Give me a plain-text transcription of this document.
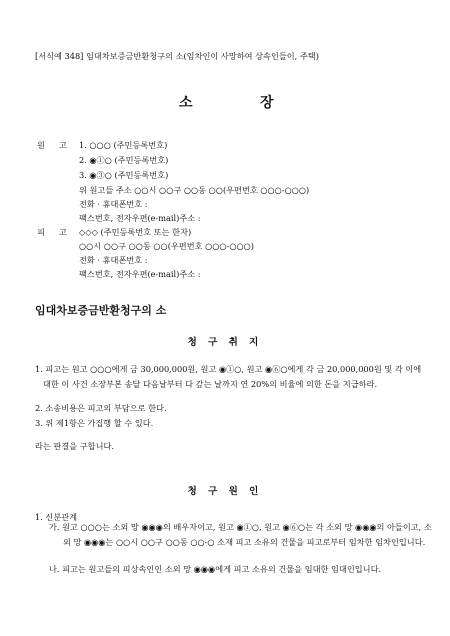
[서식예 348] 임대차보증금반환청구의 소(임차인이 사망하여 상속인들이, 주택)
소	장
원 고 1. ○○○ (주민등록번호)
2. ◉①○ (주민등록번호)
3. ◉③○ (주민등록번호)
위 원고들 주소 ○○시 ○○구 ○○동 ○○(우편번호 ○○○-○○○)
전화 · 휴대폰번호 :
팩스번호, 전자우편(e-mail)주소 :
피 고 ◇◇◇ (주민등록번호 또는 한자)
○○시 ○○구 ○○동 ○○(우편번호 ○○○-○○○)
전화 · 휴대폰번호 :
팩스번호, 전자우편(e-mail)주소 :
임대차보증금반환청구의 소
청 구 취 지
1. 피고는 원고 ○○○에게 금 30,000,000원, 원고 ◉①○, 원고 ◉⑥○에게 각 금 20,000,000원 및 각 이에 대한 이 사건 소장부본 송달 다음날부터 다 갚는 날까지 연 20%의 비율에 의한 돈을 지급하라.
2. 소송비용은 피고의 부담으로 한다.
3. 위 제1항은 가집행 할 수 있다.
라는 판결을 구합니다.
청 구 원 인
1. 신분관계
가. 원고 ○○○는 소외 망 ◉◉◉의 배우자이고, 원고 ◉①○, 원고 ◉⑥○는 각 소외 망 ◉◉◉의 아들이고, 소외 망 ◉◉◉는 ○○시 ○○구 ○○동 ○○-○ 소재 피고 소유의 건물을 피고로부터 임차한 임차인입니다.
나. 피고는 원고들의 피상속인인 소외 망 ◉◉◉에게 피고 소유의 건물을 임대한 임대인입니다.
